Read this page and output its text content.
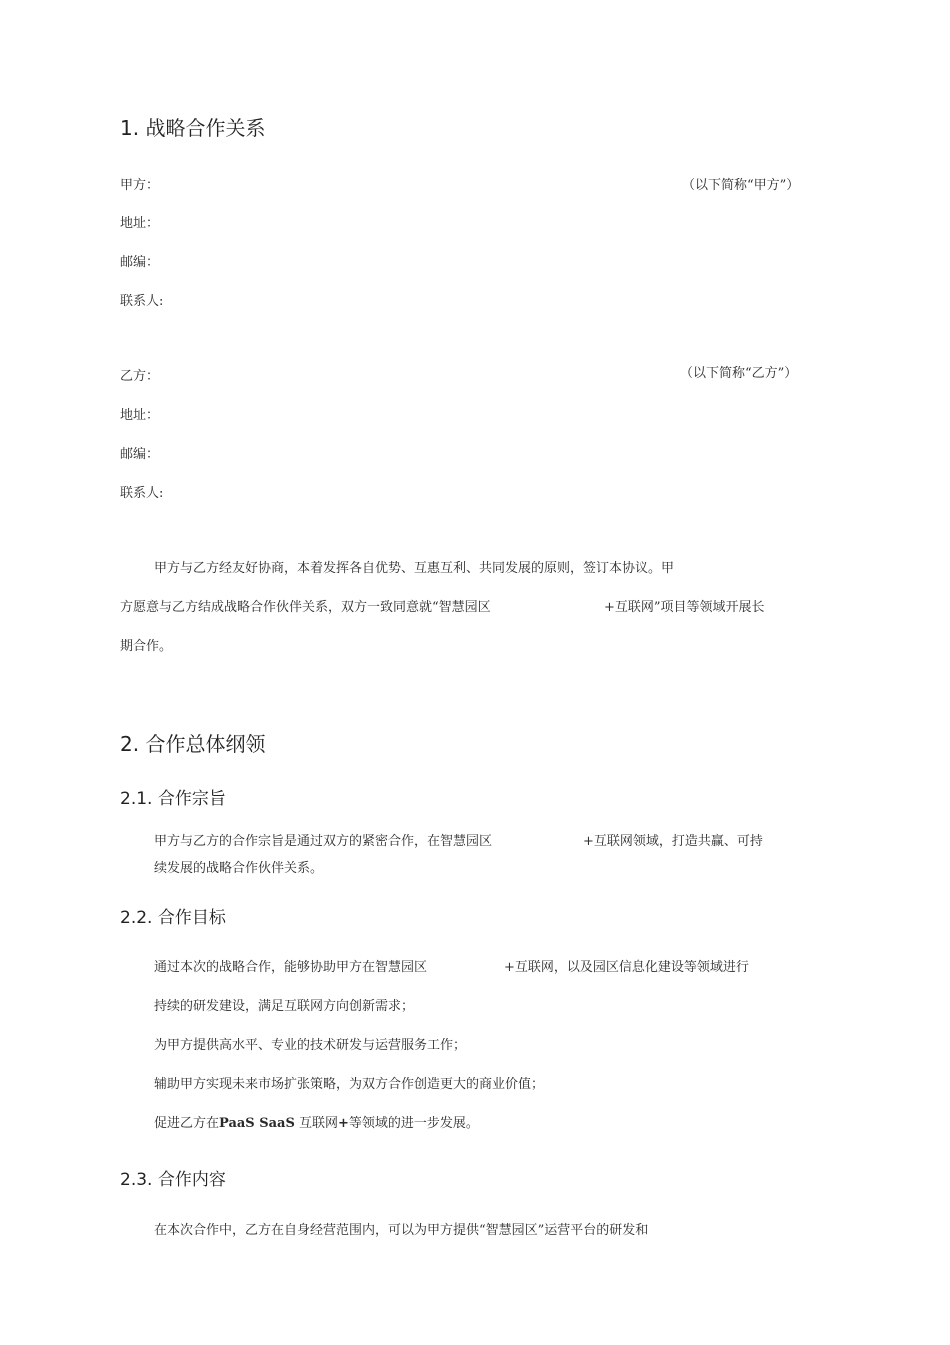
1. 战略合作关系
甲方：	（以下简称“甲方”）
地址：
邮编：
联系人:
乙方：	（以下简称“乙方”）
地址：
邮编：
联系人:
甲方与乙方经友好协商，本着发挥各自优势、互惠互利、共同发展的原则，签订本协议。甲
方愿意与乙方结成战略合作伙伴关系，双方一致同意就“智慧园区	+互联网”项目等领域开展长
期合作。
2. 合作总体纲领
2.1. 合作宗旨
甲方与乙方的合作宗旨是通过双方的紧密合作，在智慧园区	+互联网领域，打造共赢、可持
续发展的战略合作伙伴关系。
2.2. 合作目标
通过本次的战略合作，能够协助甲方在智慧园区	+互联网，以及园区信息化建设等领域进行
持续的研发建设，满足互联网方向创新需求；
为甲方提供高水平、专业的技术研发与运营服务工作；
辅助甲方实现未来市场扩张策略，为双方合作创造更大的商业价值；
促进乙方在PaaS SaaS 互联网+等领域的进一步发展。
2.3. 合作内容
在本次合作中，乙方在自身经营范围内，可以为甲方提供“智慧园区”运营平台的研发和
